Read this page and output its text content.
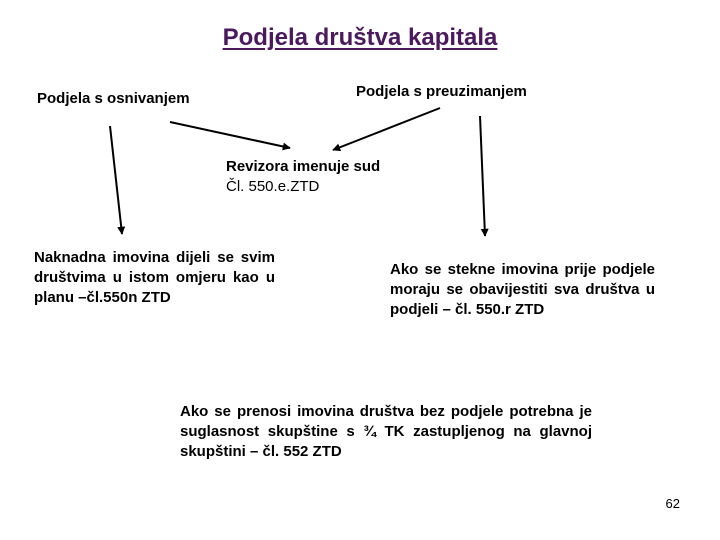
Podjela društva kapitala
Podjela s osnivanjem	Podjela s preuzimanjem
Revizora imenuje sud
Čl. 550.e.ZTD
Naknadna imovina dijeli se svim društvima u istom omjeru kao u planu –čl.550n ZTD
Ako se stekne imovina prije podjele moraju se obavijestiti sva društva u podjeli – čl. 550.r ZTD
Ako se prenosi imovina društva bez podjele potrebna je suglasnost skupštine s ¾ TK zastupljenog na glavnoj skupštini – čl. 552 ZTD
62
